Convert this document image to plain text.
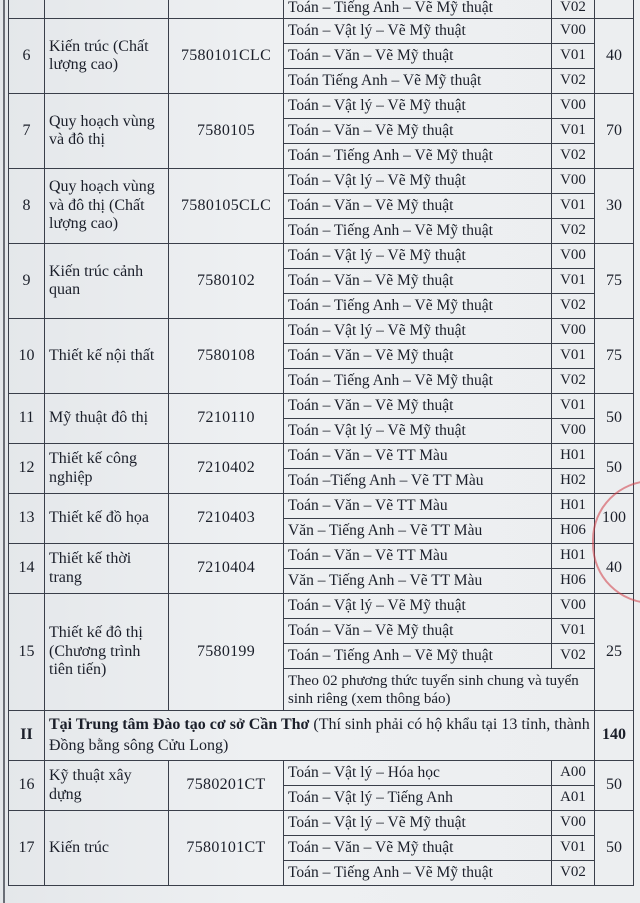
			Toán – Tiếng Anh – Vẽ Mỹ thuật	V02	
6	Kiến trúc (Chất lượng cao)	7580101CLC	Toán – Vật lý – Vẽ Mỹ thuật	V00	40
			Toán – Văn – Vẽ Mỹ thuật	V01	
			Toán Tiếng Anh – Vẽ Mỹ thuật	V02	
7	Quy hoạch vùng và đô thị	7580105	Toán – Vật lý – Vẽ Mỹ thuật	V00	70
			Toán – Văn – Vẽ Mỹ thuật	V01	
			Toán – Tiếng Anh – Vẽ Mỹ thuật	V02	
8	Quy hoạch vùng và đô thị (Chất lượng cao)	7580105CLC	Toán – Vật lý – Vẽ Mỹ thuật	V00	30
			Toán – Văn – Vẽ Mỹ thuật	V01	
			Toán – Tiếng Anh – Vẽ Mỹ thuật	V02	
9	Kiến trúc cảnh quan	7580102	Toán – Vật lý – Vẽ Mỹ thuật	V00	75
			Toán – Văn – Vẽ Mỹ thuật	V01	
			Toán – Tiếng Anh – Vẽ Mỹ thuật	V02	
10	Thiết kế nội thất	7580108	Toán – Vật lý – Vẽ Mỹ thuật	V00	75
			Toán – Văn – Vẽ Mỹ thuật	V01	
			Toán – Tiếng Anh – Vẽ Mỹ thuật	V02	
11	Mỹ thuật đô thị	7210110	Toán – Văn – Vẽ Mỹ thuật	V01	50
			Toán – Vật lý – Vẽ Mỹ thuật	V00	
12	Thiết kế công nghiệp	7210402	Toán – Văn – Vẽ TT Màu	H01	50
			Toán –Tiếng Anh – Vẽ TT Màu	H02	
13	Thiết kế đồ họa	7210403	Toán – Văn – Vẽ TT Màu	H01	100
			Văn – Tiếng Anh – Vẽ TT Màu	H06	
14	Thiết kế thời trang	7210404	Toán – Văn – Vẽ TT Màu	H01	40
			Văn – Tiếng Anh – Vẽ TT Màu	H06	
15	Thiết kế đô thị (Chương trình tiên tiến)	7580199	Toán – Vật lý – Vẽ Mỹ thuật	V00	25
			Toán – Văn – Vẽ Mỹ thuật	V01	
			Toán – Tiếng Anh – Vẽ Mỹ thuật	V02	
			Theo 02 phương thức tuyển sinh chung và tuyển sinh riêng (xem thông báo)		
II	Tại Trung tâm Đào tạo cơ sở Cần Thơ (Thí sinh phải có hộ khẩu tại 13 tỉnh, thành Đồng bằng sông Cửu Long)				140
16	Kỹ thuật xây dựng	7580201CT	Toán – Vật lý – Hóa học	A00	50
			Toán – Vật lý – Tiếng Anh	A01	
17	Kiến trúc	7580101CT	Toán – Vật lý – Vẽ Mỹ thuật	V00	50
			Toán – Văn – Vẽ Mỹ thuật	V01	
			Toán – Tiếng Anh – Vẽ Mỹ thuật	V02	
